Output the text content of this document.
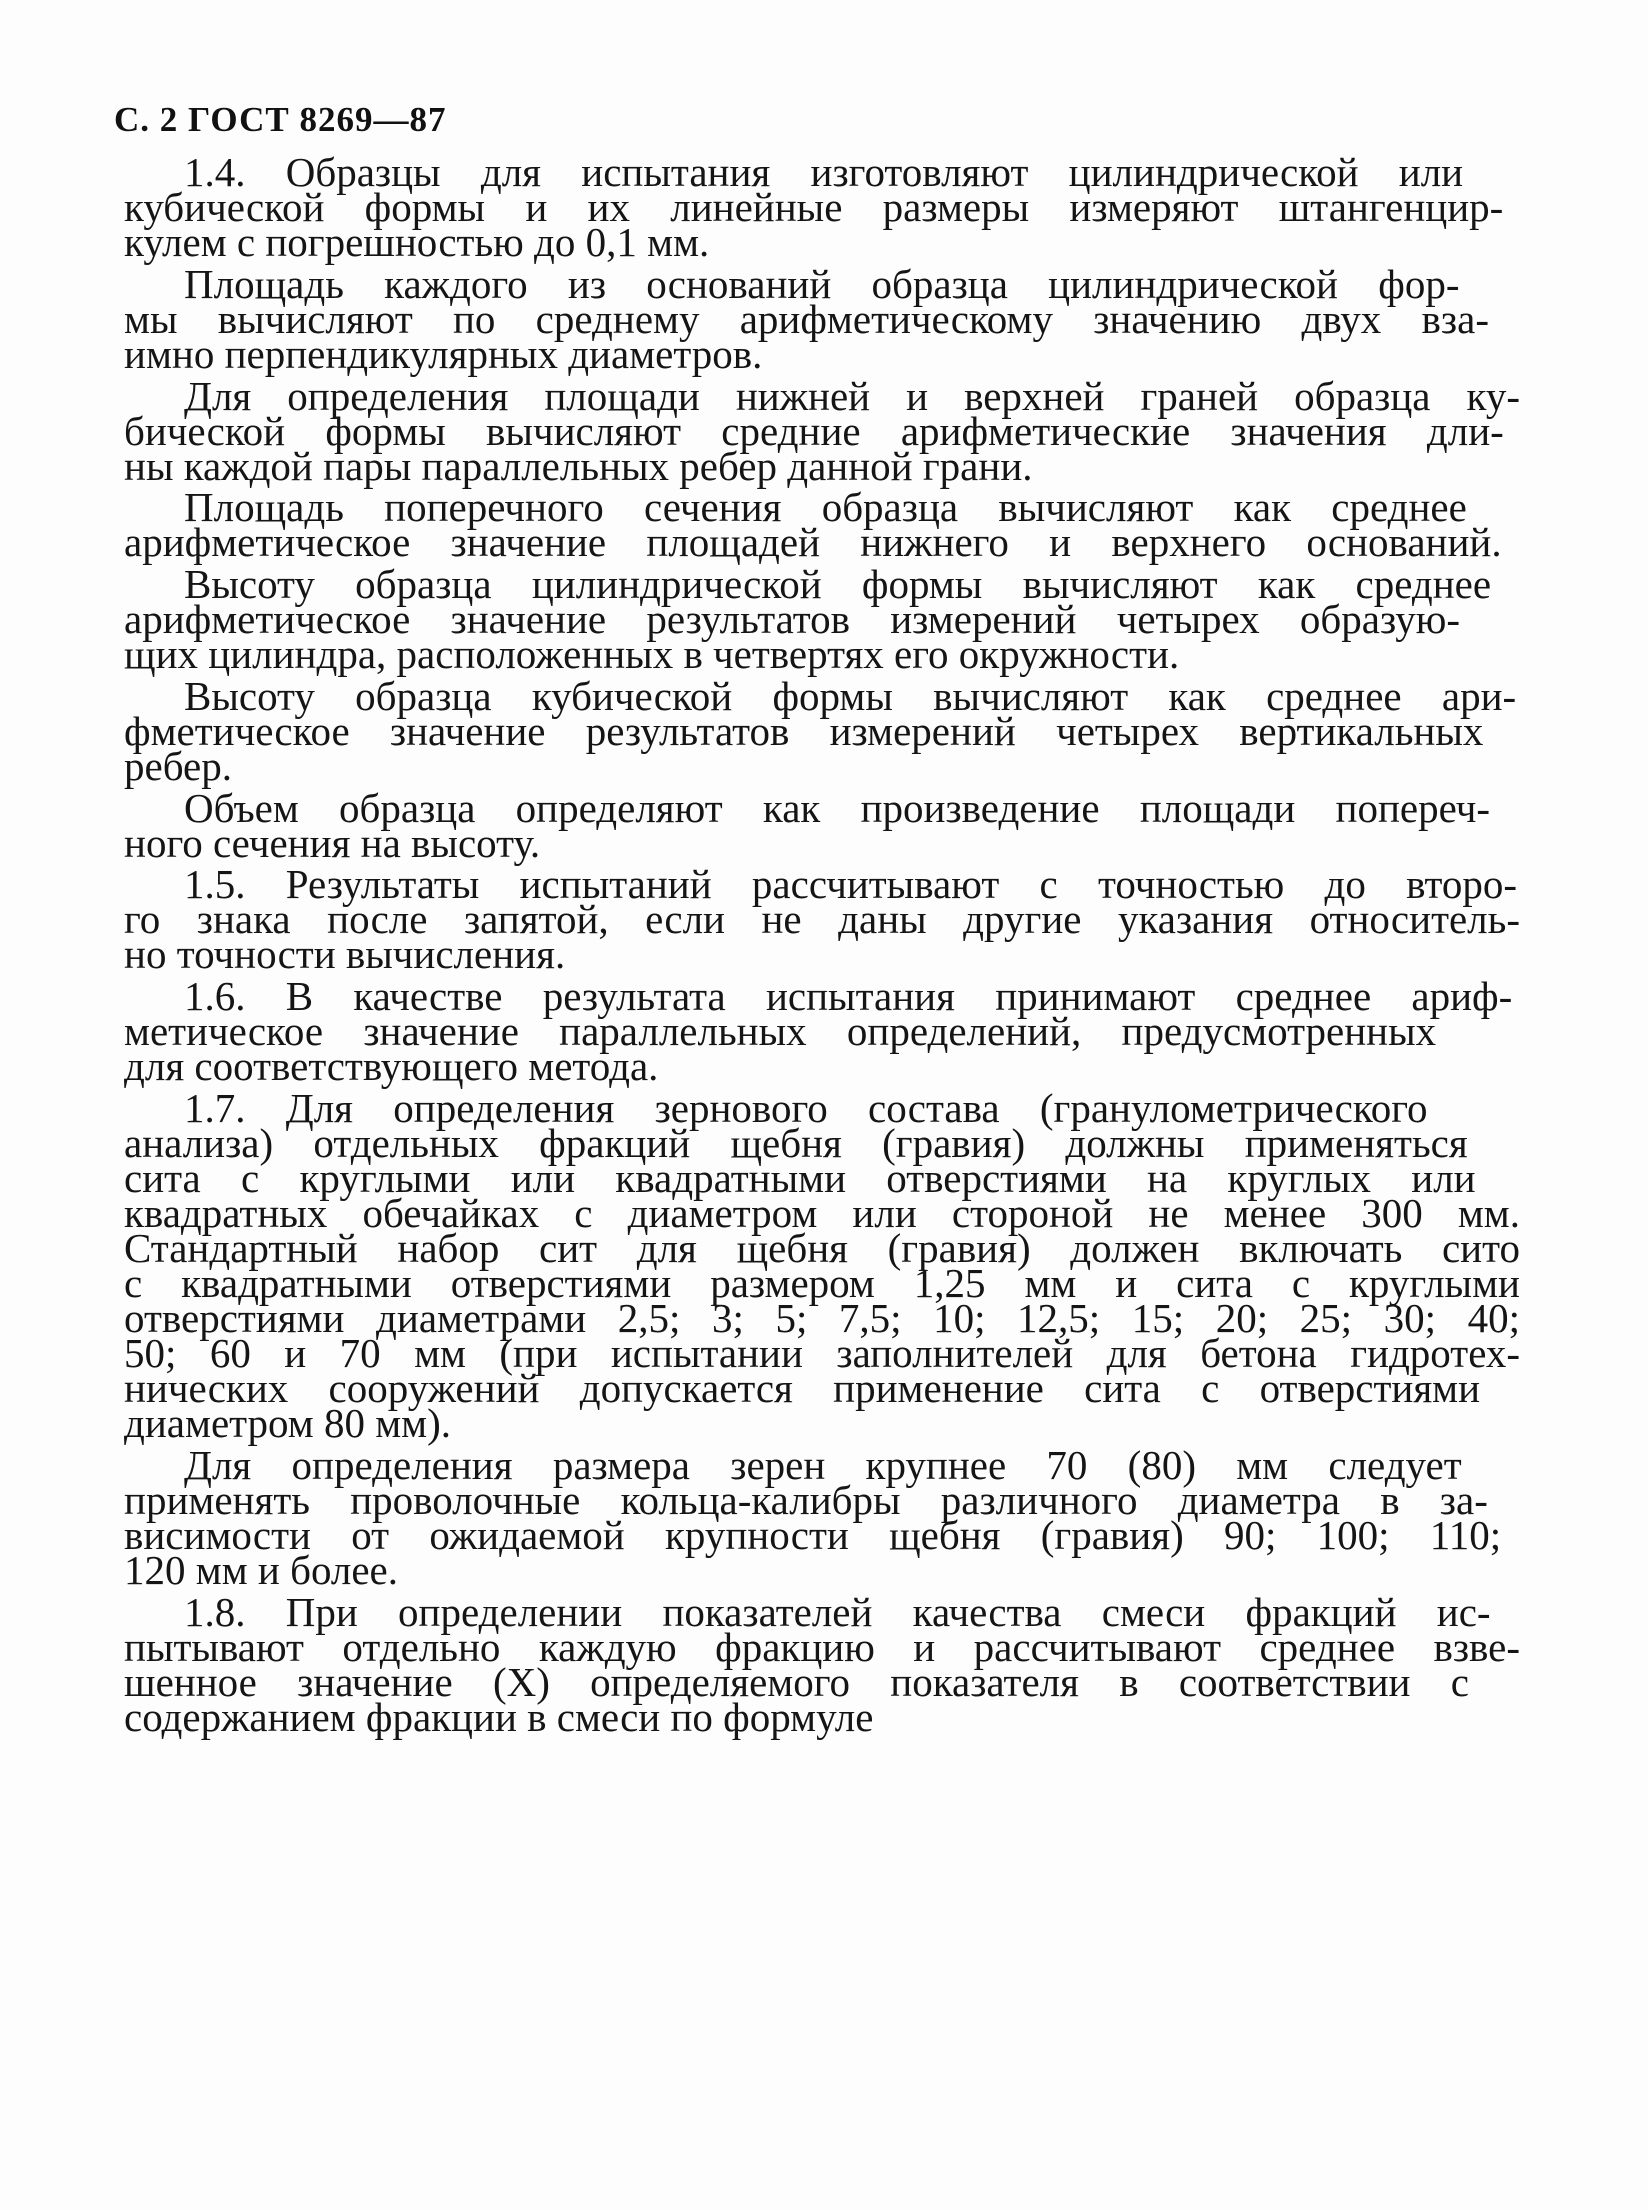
С. 2 ГОСТ 8269—87
1.4. Образцы для испытания изготовляют цилиндрической или
кубической формы и их линейные размеры измеряют штангенцир-
кулем с погрешностью до 0,1 мм.
Площадь каждого из оснований образца цилиндрической фор-
мы вычисляют по среднему арифметическому значению двух вза-
имно перпендикулярных диаметров.
Для определения площади нижней и верхней граней образца ку-
бической формы вычисляют средние арифметические значения дли-
ны каждой пары параллельных ребер данной грани.
Площадь поперечного сечения образца вычисляют как среднее
арифметическое значение площадей нижнего и верхнего оснований.
Высоту образца цилиндрической формы вычисляют как среднее
арифметическое значение результатов измерений четырех образую-
щих цилиндра, расположенных в четвертях его окружности.
Высоту образца кубической формы вычисляют как среднее ари-
фметическое значение результатов измерений четырех вертикальных
ребер.
Объем образца определяют как произведение площади попереч-
ного сечения на высоту.
1.5. Результаты испытаний рассчитывают с точностью до второ-
го знака после запятой, если не даны другие указания относитель-
но точности вычисления.
1.6. В качестве результата испытания принимают среднее ариф-
метическое значение параллельных определений, предусмотренных
для соответствующего метода.
1.7. Для определения зернового состава (гранулометрического
анализа) отдельных фракций щебня (гравия) должны применяться
сита с круглыми или квадратными отверстиями на круглых или
квадратных обечайках с диаметром или стороной не менее 300 мм.
Стандартный набор сит для щебня (гравия) должен включать сито
с квадратными отверстиями размером 1,25 мм и сита с круглыми
отверстиями диаметрами 2,5; 3; 5; 7,5; 10; 12,5; 15; 20; 25; 30; 40;
50; 60 и 70 мм (при испытании заполнителей для бетона гидротех-
нических сооружений допускается применение сита с отверстиями
диаметром 80 мм).
Для определения размера зерен крупнее 70 (80) мм следует
применять проволочные кольца-калибры различного диаметра в за-
висимости от ожидаемой крупности щебня (гравия) 90; 100; 110;
120 мм и более.
1.8. При определении показателей качества смеси фракций ис-
пытывают отдельно каждую фракцию и рассчитывают среднее взве-
шенное значение (X) определяемого показателя в соответствии с
содержанием фракции в смеси по формуле
